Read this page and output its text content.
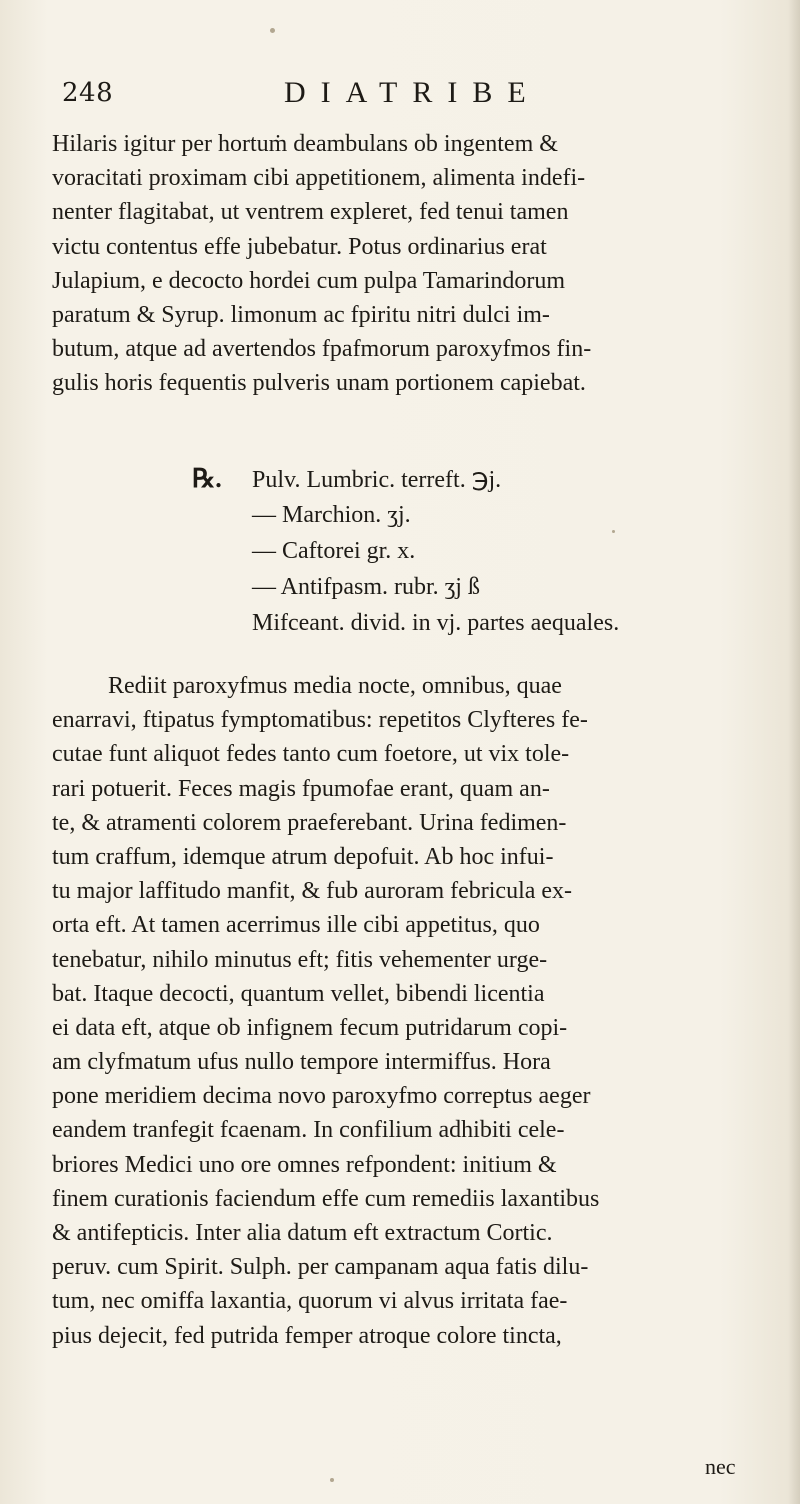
248	DIATRIBE
Hilaris igitur per hortuṁ deambulans ob ingentem &
voracitati proximam cibi appetitionem, alimenta indefi-
nenter flagitabat, ut ventrem expleret, fed tenui tamen
victu contentus effe jubebatur. Potus ordinarius erat
Julapium, e decocto hordei cum pulpa Tamarindorum
paratum & Syrup. limonum ac fpiritu nitri dulci im-
butum, atque ad avertendos fpafmorum paroxyfmos fin-
gulis horis fequentis pulveris unam portionem capiebat.
℞. Pulv. Lumbric. terreft. ℈j.
— Marchion. ʒj.
— Caftorei gr. x.
— Antifpasm. rubr. ʒj ß
Mifceant. divid. in vj. partes aequales.
Rediit paroxyfmus media nocte, omnibus, quae
enarravi, ftipatus fymptomatibus: repetitos Clyfteres fe-
cutae funt aliquot fedes tanto cum foetore, ut vix tole-
rari potuerit. Feces magis fpumofae erant, quam an-
te, & atramenti colorem praeferebant. Urina fedimen-
tum craffum, idemque atrum depofuit. Ab hoc infui-
tu major laffitudo manfit, & fub auroram febricula ex-
orta eft. At tamen acerrimus ille cibi appetitus, quo
tenebatur, nihilo minutus eft; fitis vehementer urge-
bat. Itaque decocti, quantum vellet, bibendi licentia
ei data eft, atque ob infignem fecum putridarum copi-
am clyfmatum ufus nullo tempore intermiffus. Hora
pone meridiem decima novo paroxyfmo correptus aeger
eandem tranfegit fcaenam. In confilium adhibiti cele-
briores Medici uno ore omnes refpondent: initium &
finem curationis faciendum effe cum remediis laxantibus
& antifepticis. Inter alia datum eft extractum Cortic.
peruv. cum Spirit. Sulph. per campanam aqua fatis dilu-
tum, nec omiffa laxantia, quorum vi alvus irritata fae-
pius dejecit, fed putrida femper atroque colore tincta,
nec
